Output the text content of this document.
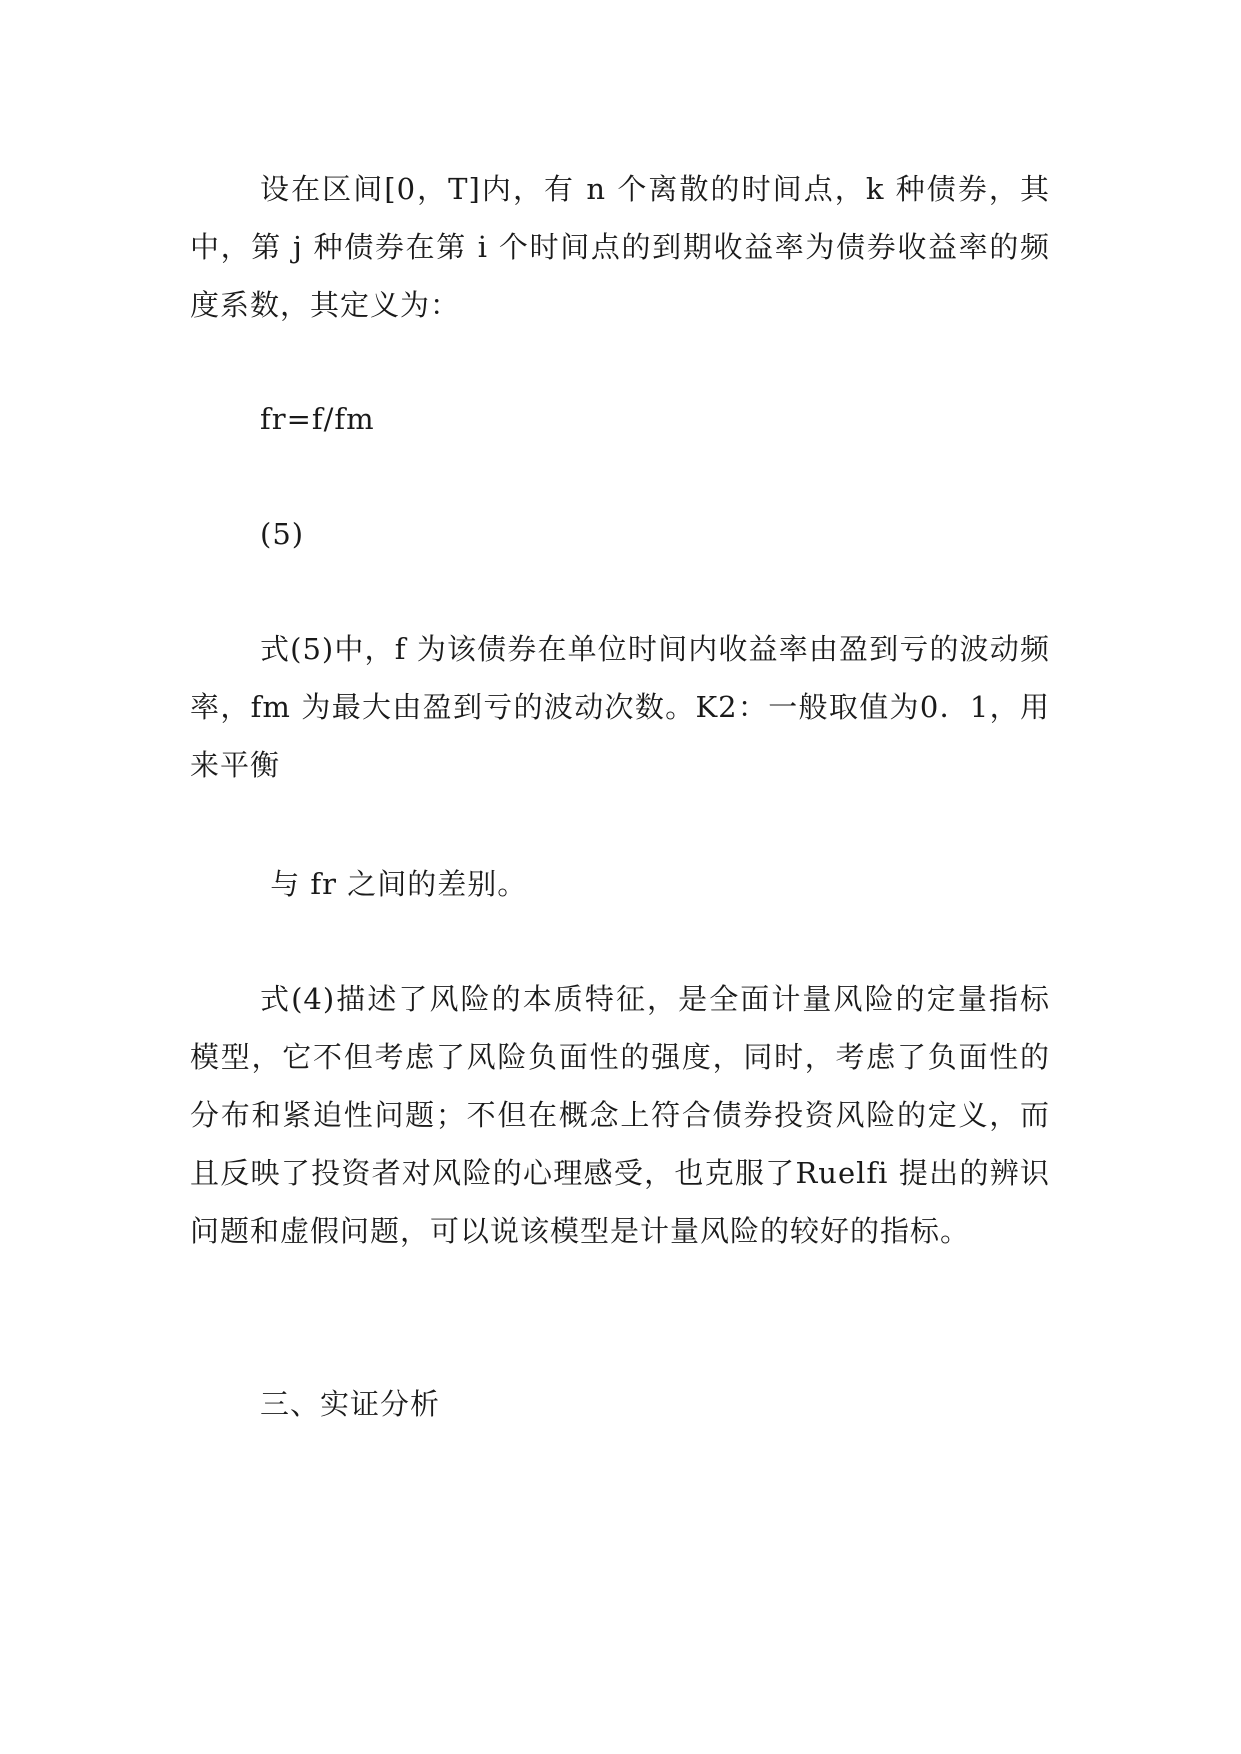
设在区间[0，T]内，有 n 个离散的时间点，k 种债券，其中，第 j 种债券在第 i 个时间点的到期收益率为债券收益率的频度系数，其定义为：

fr=f/fm

(5)

式(5)中，f 为该债券在单位时间内收益率由盈到亏的波动频率，fm 为最大由盈到亏的波动次数。K2：一般取值为0．1，用来平衡

与 fr 之间的差别。

式(4)描述了风险的本质特征，是全面计量风险的定量指标模型，它不但考虑了风险负面性的强度，同时，考虑了负面性的分布和紧迫性问题；不但在概念上符合债券投资风险的定义，而且反映了投资者对风险的心理感受，也克服了Ruelfi 提出的辨识问题和虚假问题，可以说该模型是计量风险的较好的指标。

三、实证分析
